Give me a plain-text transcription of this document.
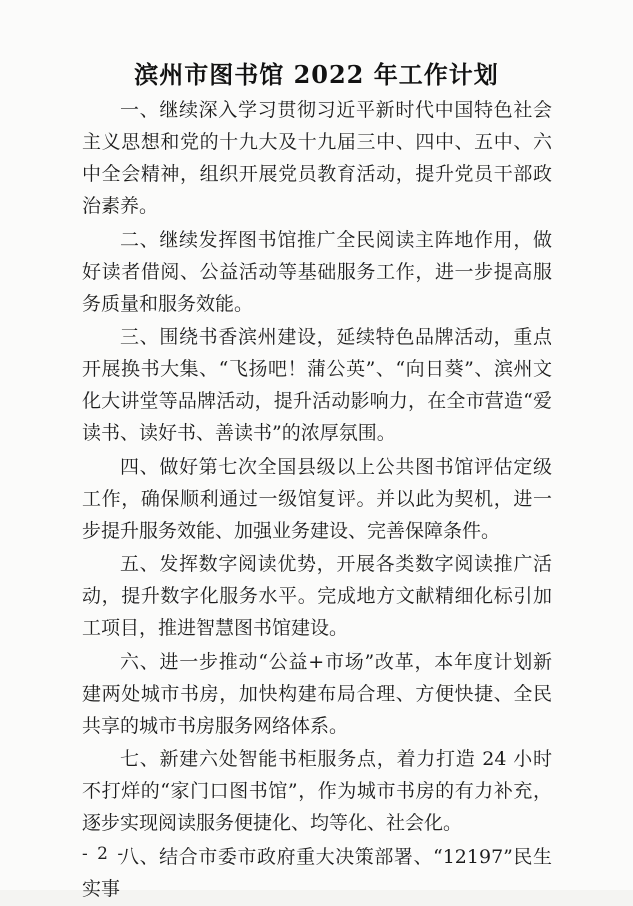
滨州市图书馆 2022 年工作计划

一、继续深入学习贯彻习近平新时代中国特色社会主义思想和党的十九大及十九届三中、四中、五中、六中全会精神，组织开展党员教育活动，提升党员干部政治素养。

二、继续发挥图书馆推广全民阅读主阵地作用，做好读者借阅、公益活动等基础服务工作，进一步提高服务质量和服务效能。

三、围绕书香滨州建设，延续特色品牌活动，重点开展换书大集、“飞扬吧！蒲公英”、“向日葵”、滨州文化大讲堂等品牌活动，提升活动影响力，在全市营造“爱读书、读好书、善读书”的浓厚氛围。

四、做好第七次全国县级以上公共图书馆评估定级工作，确保顺利通过一级馆复评。并以此为契机，进一步提升服务效能、加强业务建设、完善保障条件。

五、发挥数字阅读优势，开展各类数字阅读推广活动，提升数字化服务水平。完成地方文献精细化标引加工项目，推进智慧图书馆建设。

六、进一步推动“公益+市场”改革，本年度计划新建两处城市书房，加快构建布局合理、方便快捷、全民共享的城市书房服务网络体系。

七、新建六处智能书柜服务点，着力打造 24 小时不打烊的“家门口图书馆”，作为城市书房的有力补充，逐步实现阅读服务便捷化、均等化、社会化。

八、结合市委市政府重大决策部署、“12197”民生实事

- 2 -
